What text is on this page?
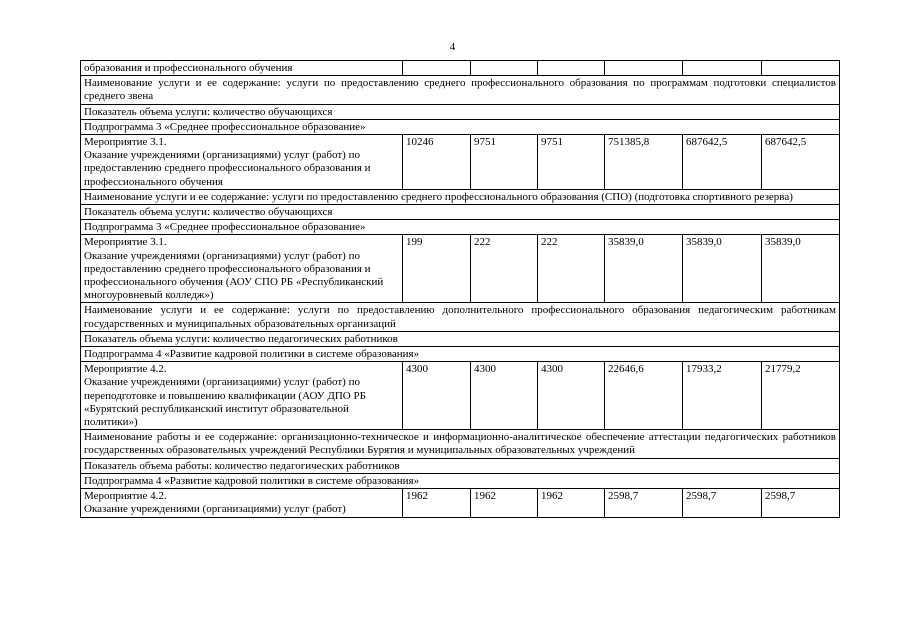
4
образования и профессионального обучения						

Наименование услуги и ее содержание: услуги по предоставлению среднего профессионального образования по программам подготовки специалистов среднего звена						
Показатель объема услуги: количество обучающихся						
Подпрограмма 3 «Среднее профессиональное образование»						

Мероприятие 3.1.
Оказание учреждениями (организациями) услуг (работ) по предоставлению среднего профессионального образования и профессионального обучения	10246	9751	9751	751385,8	687642,5	687642,5
Наименование услуги и ее содержание: услуги по предоставлению среднего профессионального образования (СПО) (подготовка спортивного резерва)						
Показатель объема услуги: количество обучающихся						
Подпрограмма 3 «Среднее профессиональное образование»						

Мероприятие 3.1.
Оказание учреждениями (организациями) услуг (работ) по предоставлению среднего профессионального образования и профессионального обучения (АОУ СПО РБ «Республиканский многоуровневый колледж»)	199	222	222	35839,0	35839,0	35839,0
Наименование услуги и ее содержание: услуги по предоставлению дополнительного профессионального образования педагогическим работникам государственных и муниципальных образовательных организаций						
Показатель объема услуги: количество педагогических работников						
Подпрограмма 4 «Развитие кадровой политики в системе образования»						

Мероприятие 4.2.
Оказание учреждениями (организациями) услуг (работ) по переподготовке и повышению квалификации (АОУ ДПО РБ «Бурятский республиканский институт образовательной политики»)	4300	4300	4300	22646,6	17933,2	21779,2
Наименование работы и ее содержание: организационно-техническое и информационно-аналитическое обеспечение аттестации педагогических работников государственных образовательных учреждений Республики Бурятия и муниципальных образовательных учреждений						
Показатель объема работы: количество педагогических работников						
Подпрограмма 4 «Развитие кадровой политики в системе образования»						

Мероприятие 4.2.
Оказание учреждениями (организациями) услуг (работ)	1962	1962	1962	2598,7	2598,7	2598,7
